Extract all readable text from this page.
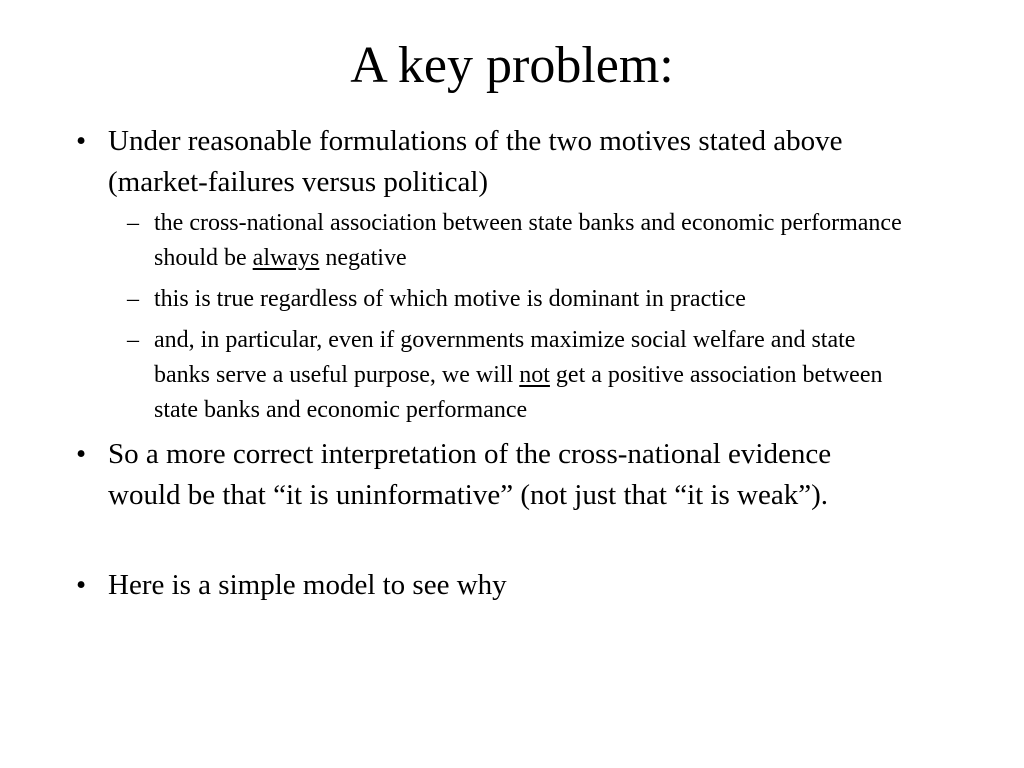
A key problem:
• Under reasonable formulations of the two motives stated above (market-failures versus political)
– the cross-national association between state banks and economic performance should be always negative
– this is true regardless of which motive is dominant in practice
– and, in particular, even if governments maximize social welfare and state banks serve a useful purpose, we will not get a positive association between state banks and economic performance
• So a more correct interpretation of the cross-national evidence would be that “it is uninformative” (not just that “it is weak”).
• Here is a simple model to see why
